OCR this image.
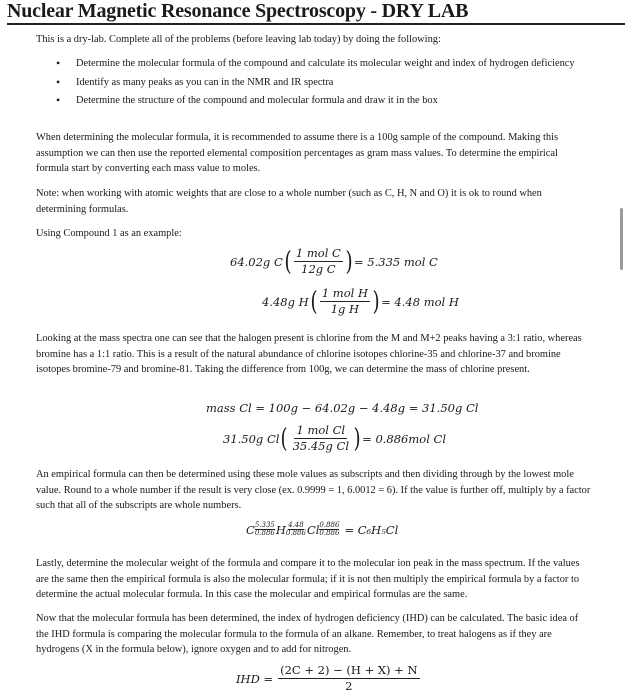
Nuclear Magnetic Resonance Spectroscopy - DRY LAB
This is a dry-lab. Complete all of the problems (before leaving lab today) by doing the following:
• Determine the molecular formula of the compound and calculate its molecular weight and index of hydrogen deficiency
• Identify as many peaks as you can in the NMR and IR spectra
• Determine the structure of the compound and molecular formula and draw it in the box
When determining the molecular formula, it is recommended to assume there is a 100g sample of the compound. Making this assumption we can then use the reported elemental composition percentages as gram mass values. To determine the empirical formula start by converting each mass value to moles.
Note: when working with atomic weights that are close to a whole number (such as C, H, N and O) it is ok to round when determining formulas.
Using Compound 1 as an example:
64.02g C ( $\frac{\text{1 mol C}}{\text{12g C}}$ ) = 5.335 mol C
4.48g H ( $\frac{\text{1 mol H}}{\text{1g H}}$ ) = 4.48 mol H
Looking at the mass spectra one can see that the halogen present is chlorine from the M and M+2 peaks having a 3:1 ratio, whereas bromine has a 1:1 ratio. This is a result of the natural abundance of chlorine isotopes chlorine-35 and chlorine-37 and bromine isotopes bromine-79 and bromine-81. Taking the difference from 100g, we can determine the mass of chlorine present.
mass Cl = 100g − 64.02g − 4.48g = 31.50g Cl
31.50g Cl ( $\frac{\text{1 mol Cl}}{\text{35.45g Cl}}$ ) = 0.886mol Cl
An empirical formula can then be determined using these mole values as subscripts and then dividing through by the lowest mole value. Round to a whole number if the result is very close (ex. 0.9999 = 1, 6.0012 = 6). If the value is further off, multiply by a factor such that all of the subscripts are whole numbers.
C 5.335
0.886 H 4.48
0.886 Cl $\frac{0.886}{0.886} = C_6H_5Cl$
Lastly, determine the molecular weight of the formula and compare it to the molecular ion peak in the mass spectrum. If the values are the same then the empirical formula is also the molecular formula; if it is not then multiply the empirical formula by a factor to determine the actual molecular formula. In this case the molecular and empirical formulas are the same.
Now that the molecular formula has been determined, the index of hydrogen deficiency (IHD) can be calculated. The basic idea of the IHD formula is comparing the molecular formula to the formula of an alkane. Remember, to treat halogens as if they are hydrogens (X in the formula below), ignore oxygen and to add for nitrogen.
IHD = $\frac{(2C + 2) - (H + X) + N}{2}$
